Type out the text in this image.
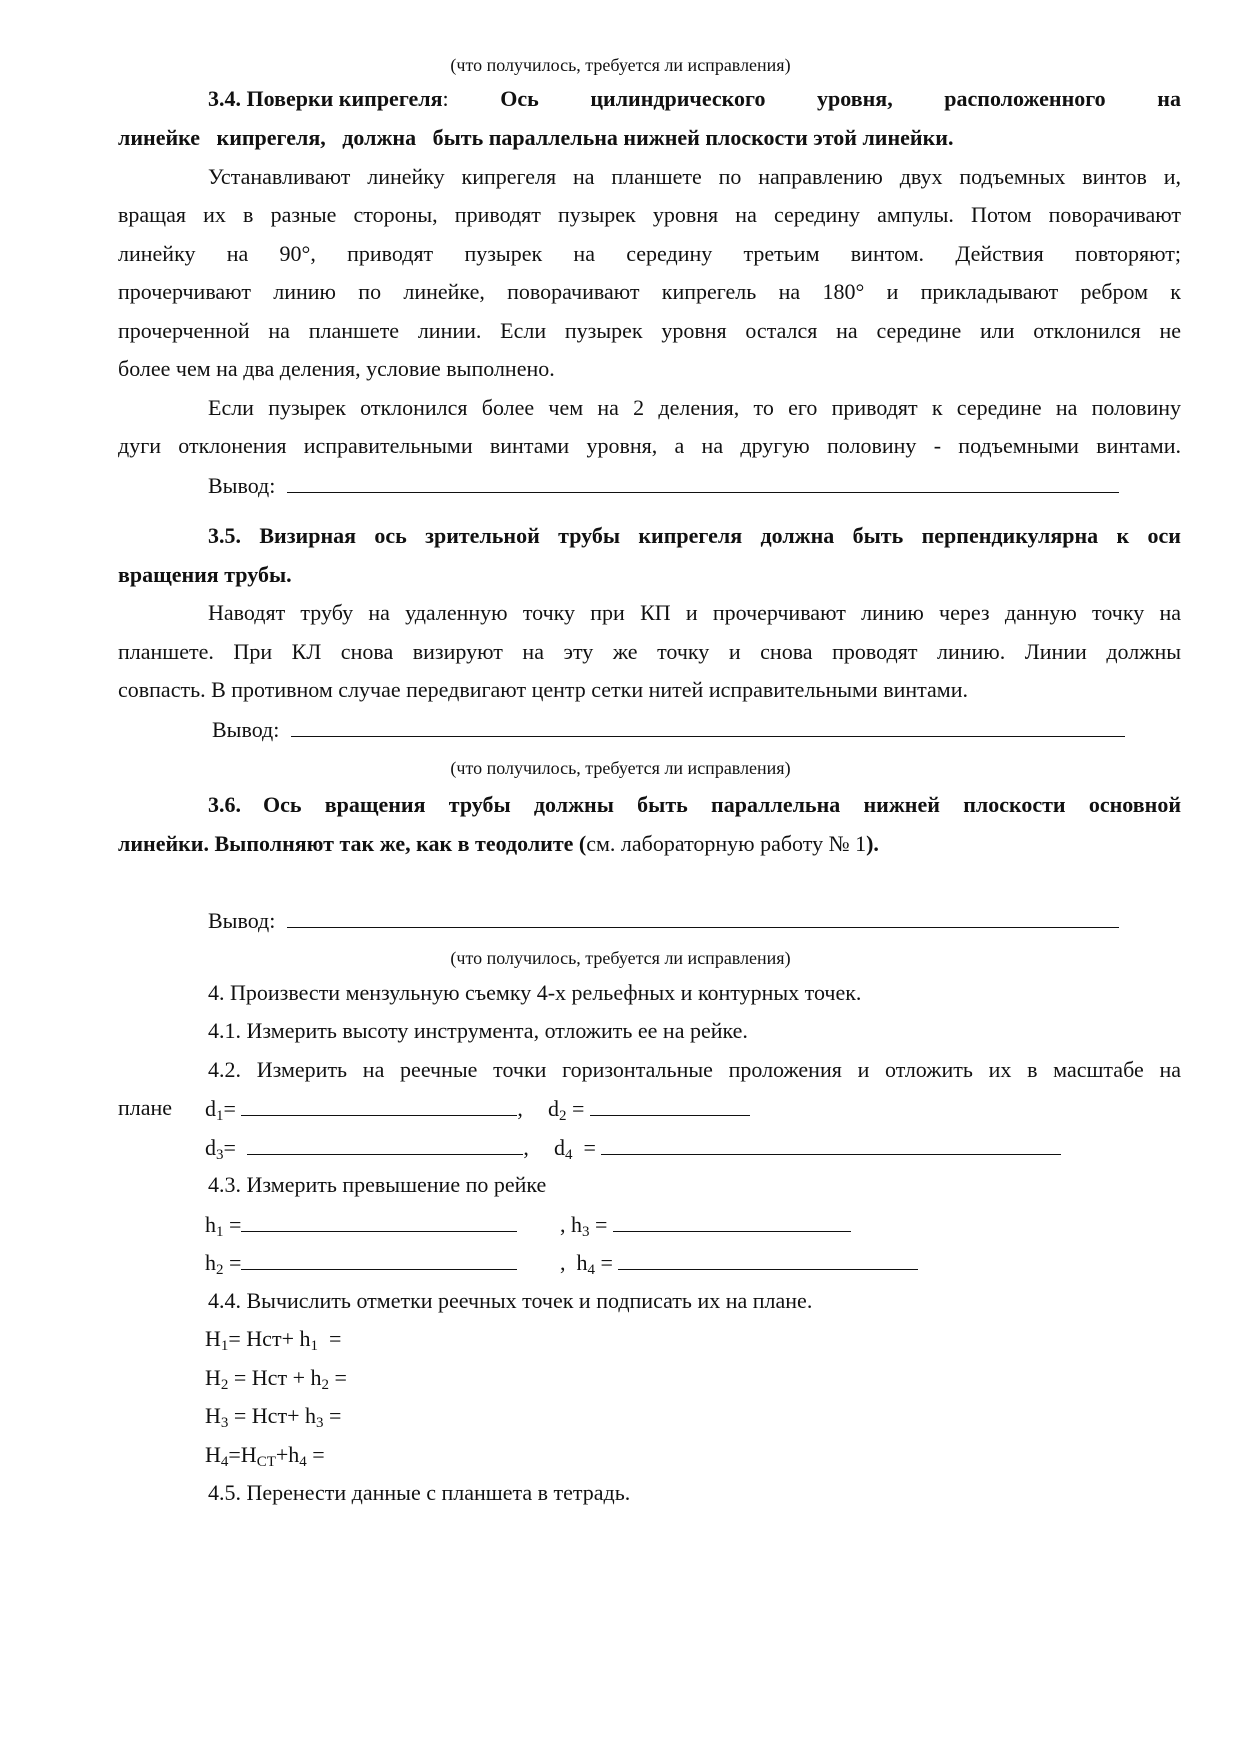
(что получилось, требуется ли исправления)
3.4. Поверки кипрегеля: Ось цилиндрического уровня, расположенного на
линейке кипрегеля, должна быть параллельна нижней плоскости этой линейки.
Устанавливают линейку кипрегеля на планшете по направлению двух подъемных винтов и,
вращая их в разные стороны, приводят пузырек уровня на середину ампулы. Потом поворачивают
линейку на 90°, приводят пузырек на середину третьим винтом. Действия повторяют;
прочерчивают линию по линейке, поворачивают кипрегель на 180° и прикладывают ребром к
прочерченной на планшете линии. Если пузырек уровня остался на середине или отклонился не
более чем на два деления, условие выполнено.
Если пузырек отклонился более чем на 2 деления, то его приводят к середине на половину
дуги отклонения исправительными винтами уровня, а на другую половину - подъемными винтами.
Вывод:
3.5. Визирная ось зрительной трубы кипрегеля должна быть перпендикулярна к оси
вращения трубы.
Наводят трубу на удаленную точку при КП и прочерчивают линию через данную точку на
планшете. При КЛ снова визируют на эту же точку и снова проводят линию. Линии должны
совпасть. В противном случае передвигают центр сетки нитей исправительными винтами.
Вывод:
(что получилось, требуется ли исправления)
3.6. Ось вращения трубы должны быть параллельна нижней плоскости основной
линейки. Выполняют так же, как в теодолите (см. лабораторную работу № 1).
Вывод:
(что получилось, требуется ли исправления)
4. Произвести мензульную съемку 4-х рельефных и контурных точек.
4.1. Измерить высоту инструмента, отложить ее на рейке.
4.2. Измерить на реечные точки горизонтальные проложения и отложить их в масштабе на
плане $d_1=$	, $d_2$ =
$d_3=$	, $d_4$  =
4.3. Измерить превышение по рейке
$h_1$ =	, $h_3$ =
$h_2$ =	, $h_4$ =
4.4. Вычислить отметки реечных точек и подписать их на плане.
$H_1= Нст+ h_1$  =
$H_2$ = Нст + $h_2$ =
$H_3 = Нст+ h_3$ =
$H_4=H_{СТ}+h_4$ =
4.5. Перенести данные с планшета в тетрадь.
